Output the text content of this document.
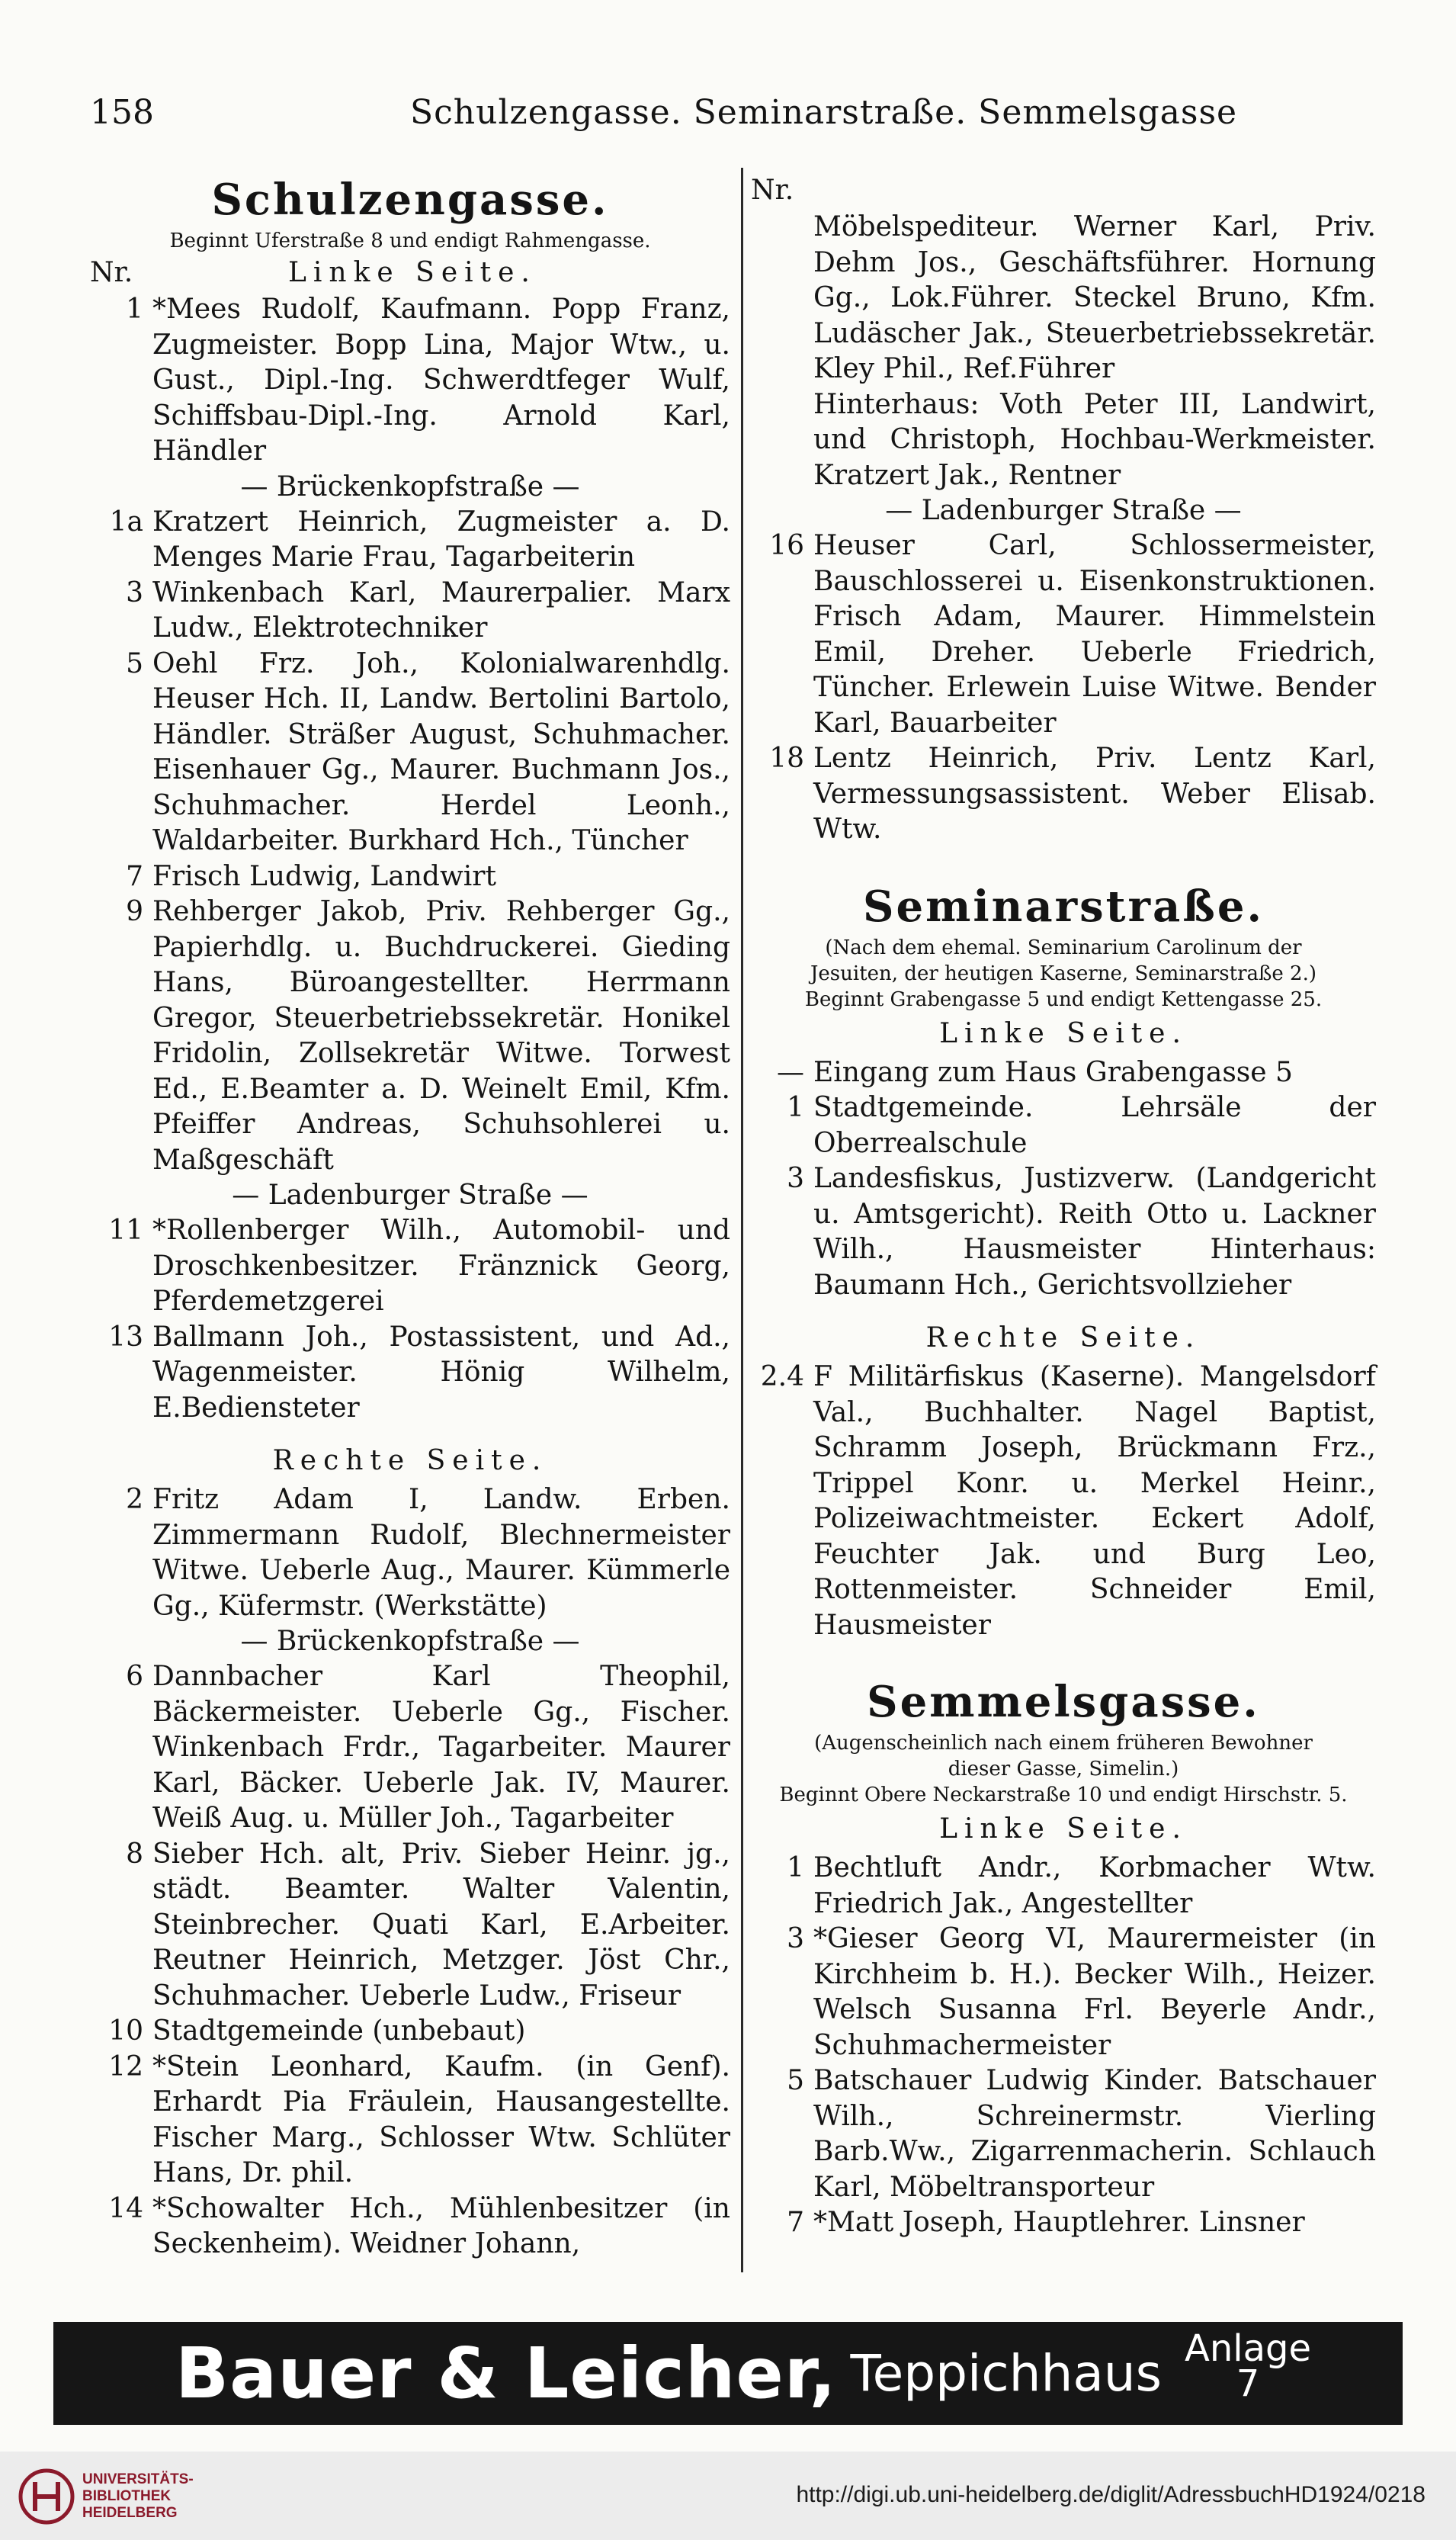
158	Schulzengasse. Seminarstraße. Semmelsgasse
Schulzengasse.
Beginnt Uferstraße 8 und endigt Rahmengasse.
Nr.	Linke Seite.
1 *Mees Rudolf, Kaufmann. Popp Franz, Zugmeister. Bopp Lina, Major Wtw., u. Gust., Dipl.-Ing. Schwerdtfeger Wulf, Schiffsbau-Dipl.-Ing. Arnold Karl, Händler
— Brückenkopfstraße —
1a Kratzert Heinrich, Zugmeister a. D. Menges Marie Frau, Tagarbeiterin
3 Winkenbach Karl, Maurerpalier. Marx Ludw., Elektrotechniker
5 Oehl Frz. Joh., Kolonialwarenhdlg. Heuser Hch. II, Landw. Bertolini Bartolo, Händler. Sträßer August, Schuhmacher. Eisenhauer Gg., Maurer. Buchmann Jos., Schuhmacher. Herdel Leonh., Waldarbeiter. Burkhard Hch., Tüncher
7 Frisch Ludwig, Landwirt
9 Rehberger Jakob, Priv. Rehberger Gg., Papierhdlg. u. Buchdruckerei. Gieding Hans, Büroangestellter. Herrmann Gregor, Steuerbetriebssekretär. Honikel Fridolin, Zollsekretär Witwe. Torwest Ed., E.Beamter a. D. Weinelt Emil, Kfm. Pfeiffer Andreas, Schuhsohlerei u. Maßgeschäft
— Ladenburger Straße —
11 *Rollenberger Wilh., Automobil- und Droschkenbesitzer. Fränznick Georg, Pferdemetzgerei
13 Ballmann Joh., Postassistent, und Ad., Wagenmeister. Hönig Wilhelm, E.Bediensteter
Rechte Seite.
2 Fritz Adam I, Landw. Erben. Zimmermann Rudolf, Blechnermeister Witwe. Ueberle Aug., Maurer. Kümmerle Gg., Küfermstr. (Werkstätte)
— Brückenkopfstraße —
6 Dannbacher Karl Theophil, Bäckermeister. Ueberle Gg., Fischer. Winkenbach Frdr., Tagarbeiter. Maurer Karl, Bäcker. Ueberle Jak. IV, Maurer. Weiß Aug. u. Müller Joh., Tagarbeiter
8 Sieber Hch. alt, Priv. Sieber Heinr. jg., städt. Beamter. Walter Valentin, Steinbrecher. Quati Karl, E.Arbeiter. Reutner Heinrich, Metzger. Jöst Chr., Schuhmacher. Ueberle Ludw., Friseur
10 Stadtgemeinde (unbebaut)
12 *Stein Leonhard, Kaufm. (in Genf). Erhardt Pia Fräulein, Hausangestellte. Fischer Marg., Schlosser Wtw. Schlüter Hans, Dr. phil.
14 *Schowalter Hch., Mühlenbesitzer (in Seckenheim). Weidner Johann,
Nr.
Möbelspediteur. Werner Karl, Priv. Dehm Jos., Geschäftsführer. Hornung Gg., Lok.Führer. Steckel Bruno, Kfm. Ludäscher Jak., Steuerbetriebssekretär. Kley Phil., Ref.Führer
Hinterhaus: Voth Peter III, Landwirt, und Christoph, Hochbau-Werkmeister. Kratzert Jak., Rentner
— Ladenburger Straße —
16 Heuser Carl, Schlossermeister, Bauschlosserei u. Eisenkonstruktionen. Frisch Adam, Maurer. Himmelstein Emil, Dreher. Ueberle Friedrich, Tüncher. Erlewein Luise Witwe. Bender Karl, Bauarbeiter
18 Lentz Heinrich, Priv. Lentz Karl, Vermessungsassistent. Weber Elisab. Wtw.
Seminarstraße.
(Nach dem ehemal. Seminarium Carolinum der
Jesuiten, der heutigen Kaserne, Seminarstraße 2.)
Beginnt Grabengasse 5 und endigt Kettengasse 25.
Linke Seite.
— Eingang zum Haus Grabengasse 5
1 Stadtgemeinde. Lehrsäle der Oberrealschule
3 Landesfiskus, Justizverw. (Landgericht u. Amtsgericht). Reith Otto u. Lackner Wilh., Hausmeister Hinterhaus: Baumann Hch., Gerichtsvollzieher
Rechte Seite.
2.4 F Militärfiskus (Kaserne). Mangelsdorf Val., Buchhalter. Nagel Baptist, Schramm Joseph, Brückmann Frz., Trippel Konr. u. Merkel Heinr., Polizeiwachtmeister. Eckert Adolf, Feuchter Jak. und Burg Leo, Rottenmeister. Schneider Emil, Hausmeister
Semmelsgasse.
(Augenscheinlich nach einem früheren Bewohner
dieser Gasse, Simelin.)
Beginnt Obere Neckarstraße 10 und endigt Hirschstr. 5.
Linke Seite.
1 Bechtluft Andr., Korbmacher Wtw. Friedrich Jak., Angestellter
3 *Gieser Georg VI, Maurermeister (in Kirchheim b. H.). Becker Wilh., Heizer. Welsch Susanna Frl. Beyerle Andr., Schuhmachermeister
5 Batschauer Ludwig Kinder. Batschauer Wilh., Schreinermstr. Vierling Barb.Ww., Zigarrenmacherin. Schlauch Karl, Möbeltransporteur
7 *Matt Joseph, Hauptlehrer. Linsner
Bauer & Leicher, Teppichhaus Anlage
7
UNIVERSITÄTS-
BIBLIOTHEK
HEIDELBERG
http://digi.ub.uni-heidelberg.de/diglit/AdressbuchHD1924/0218
